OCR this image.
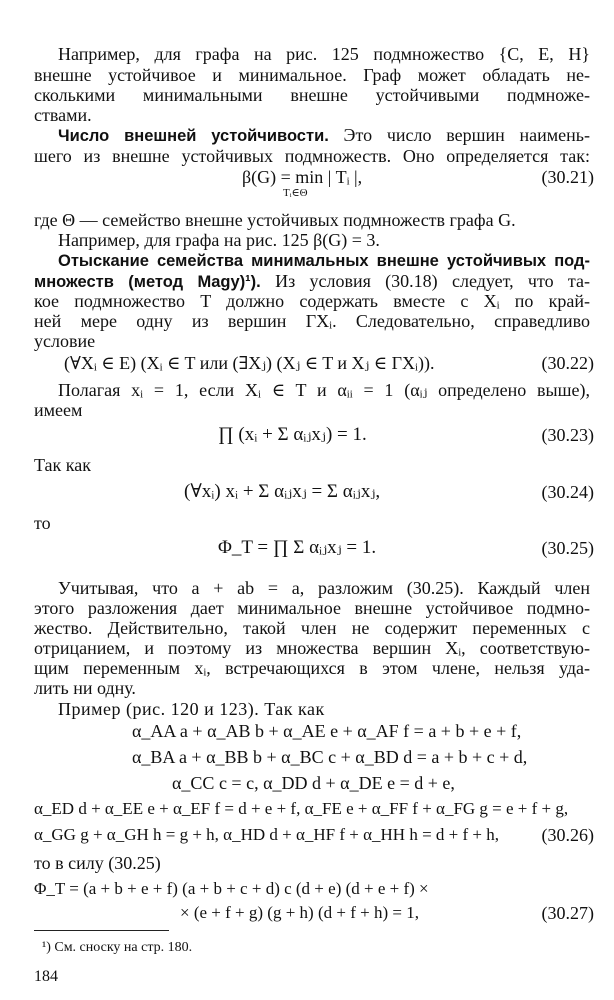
Например, для графа на рис. 125 подмножество {C, E, H}
внешне устойчивое и минимальное. Граф может обладать не-
сколькими минимальными внешне устойчивыми подмноже-
ствами.
Число внешней устойчивости. Это число вершин наимень-
шего из внешне устойчивых подмножеств. Оно определяется так:
β(G) = min | Tᵢ |,
Tᵢ∈Θ
(30.21)
где Θ — семейство внешне устойчивых подмножеств графа G.
Например, для графа на рис. 125 β(G) = 3.
Отыскание семейства минимальных внешне устойчивых под-
множеств (метод Magy)¹). Из условия (30.18) следует, что та-
кое подмножество T должно содержать вместе с Xᵢ по край-
ней мере одну из вершин ΓXᵢ. Следовательно, справедливо
условие
(∀Xᵢ ∈ E) (Xᵢ ∈ T или (∃Xⱼ) (Xⱼ ∈ T и Xⱼ ∈ ΓXᵢ)).	(30.22)
Полагая xᵢ = 1, если Xᵢ ∈ T и αᵢᵢ = 1 (αᵢⱼ определено выше),
имеем
∏ (xᵢ + Σ αᵢⱼxⱼ) = 1.	(30.23)
Так как
(∀xᵢ) xᵢ + Σ αᵢⱼxⱼ = Σ αᵢⱼxⱼ,	(30.24)
то
Φ_T = ∏ Σ αᵢⱼxⱼ = 1.	(30.25)
Учитывая, что a + ab = a, разложим (30.25). Каждый член
этого разложения дает минимальное внешне устойчивое подмно-
жество. Действительно, такой член не содержит переменных с
отрицанием, и поэтому из множества вершин Xᵢ, соответствую-
щим переменным xᵢ, встречающихся в этом члене, нельзя уда-
лить ни одну.
Пример (рис. 120 и 123). Так как
α_AA a + α_AB b + α_AE e + α_AF f = a + b + e + f,
α_BA a + α_BB b + α_BC c + α_BD d = a + b + c + d,
α_CC c = c, α_DD d + α_DE e = d + e,
α_ED d + α_EE e + α_EF f = d + e + f, α_FE e + α_FF f + α_FG g = e + f + g,
α_GG g + α_GH h = g + h, α_HD d + α_HF f + α_HH h = d + f + h, (30.26)
то в силу (30.25)
Φ_T = (a + b + e + f) (a + b + c + d) c (d + e) (d + e + f) ×
× (e + f + g) (g + h) (d + f + h) = 1,	(30.27)
¹) См. сноску на стр. 180.
184
